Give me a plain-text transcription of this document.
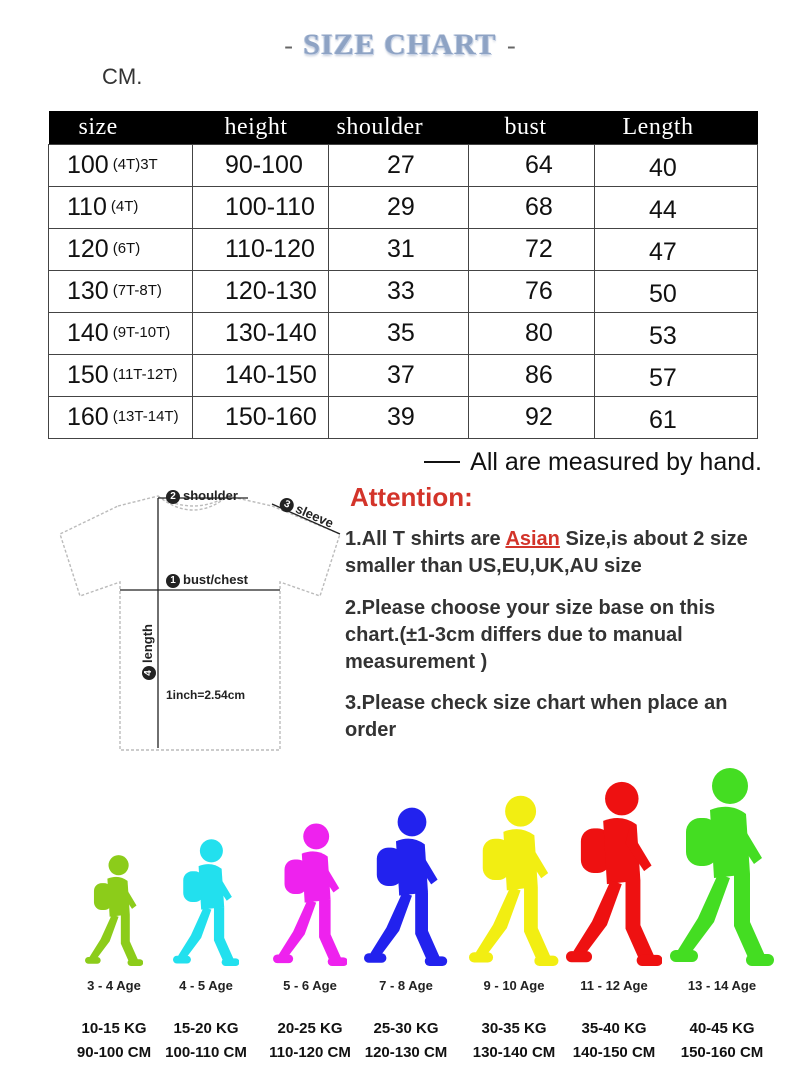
- SIZE CHART -
CM.
size	height	shoulder	bust	Length
100 (4T)3T	90-100	27	64	40
110 (4T)	100-110	29	68	44
120 (6T)	110-120	31	72	47
130 (7T-8T)	120-130	33	76	50
140 (9T-10T)	130-140	35	80	53
150 (11T-12T)	140-150	37	86	57
160 (13T-14T)	150-160	39	92	61
All are measured by hand.
2 shoulder
3 sleeve
1 bust/chest
4length
1inch=2.54cm
Attention:
1.All T shirts are Asian Size,is about 2 size smaller than US,EU,UK,AU size
2.Please choose your size base on this chart.(±1-3cm differs due to manual measurement )
3.Please check size chart when place an order
3 - 4 Age
10-15 KG
90-100 CM
4 - 5 Age
15-20 KG
100-110 CM
5 - 6 Age
20-25 KG
110-120 CM
7 - 8 Age
25-30 KG
120-130 CM
9 - 10 Age
30-35 KG
130-140 CM
11 - 12 Age
35-40 KG
140-150 CM
13 - 14 Age
40-45 KG
150-160 CM
